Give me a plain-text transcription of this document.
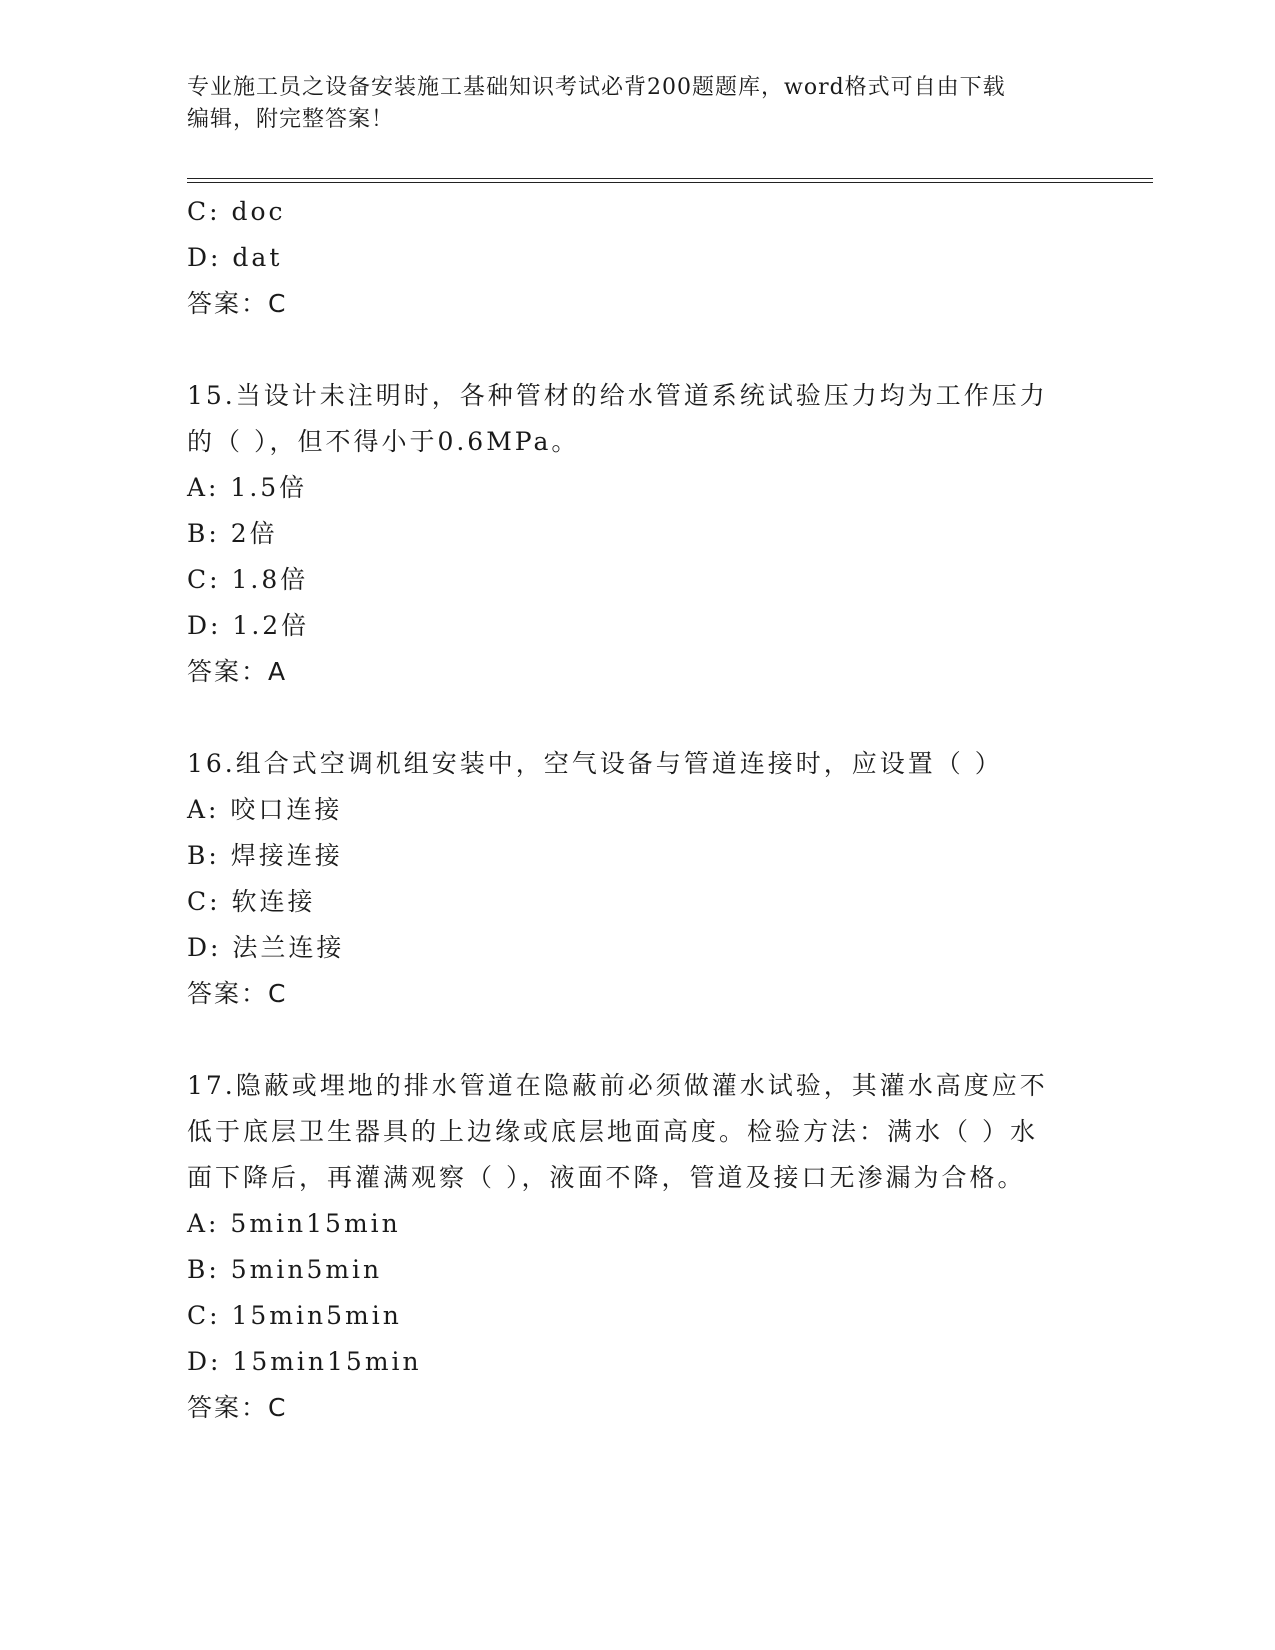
专业施工员之设备安装施工基础知识考试必背200题题库，word格式可自由下载
编辑，附完整答案！
C: doc
D: dat
答案：C
15.当设计未注明时，各种管材的给水管道系统试验压力均为工作压力
的（ ），但不得小于0.6MPa。
A: 1.5倍
B: 2倍
C: 1.8倍
D: 1.2倍
答案：A
16.组合式空调机组安装中，空气设备与管道连接时，应设置（ ）
A: 咬口连接
B: 焊接连接
C: 软连接
D: 法兰连接
答案：C
17.隐蔽或埋地的排水管道在隐蔽前必须做灌水试验，其灌水高度应不
低于底层卫生器具的上边缘或底层地面高度。检验方法：满水（ ）水
面下降后，再灌满观察（ ），液面不降，管道及接口无渗漏为合格。
A: 5min15min
B: 5min5min
C: 15min5min
D: 15min15min
答案：C
